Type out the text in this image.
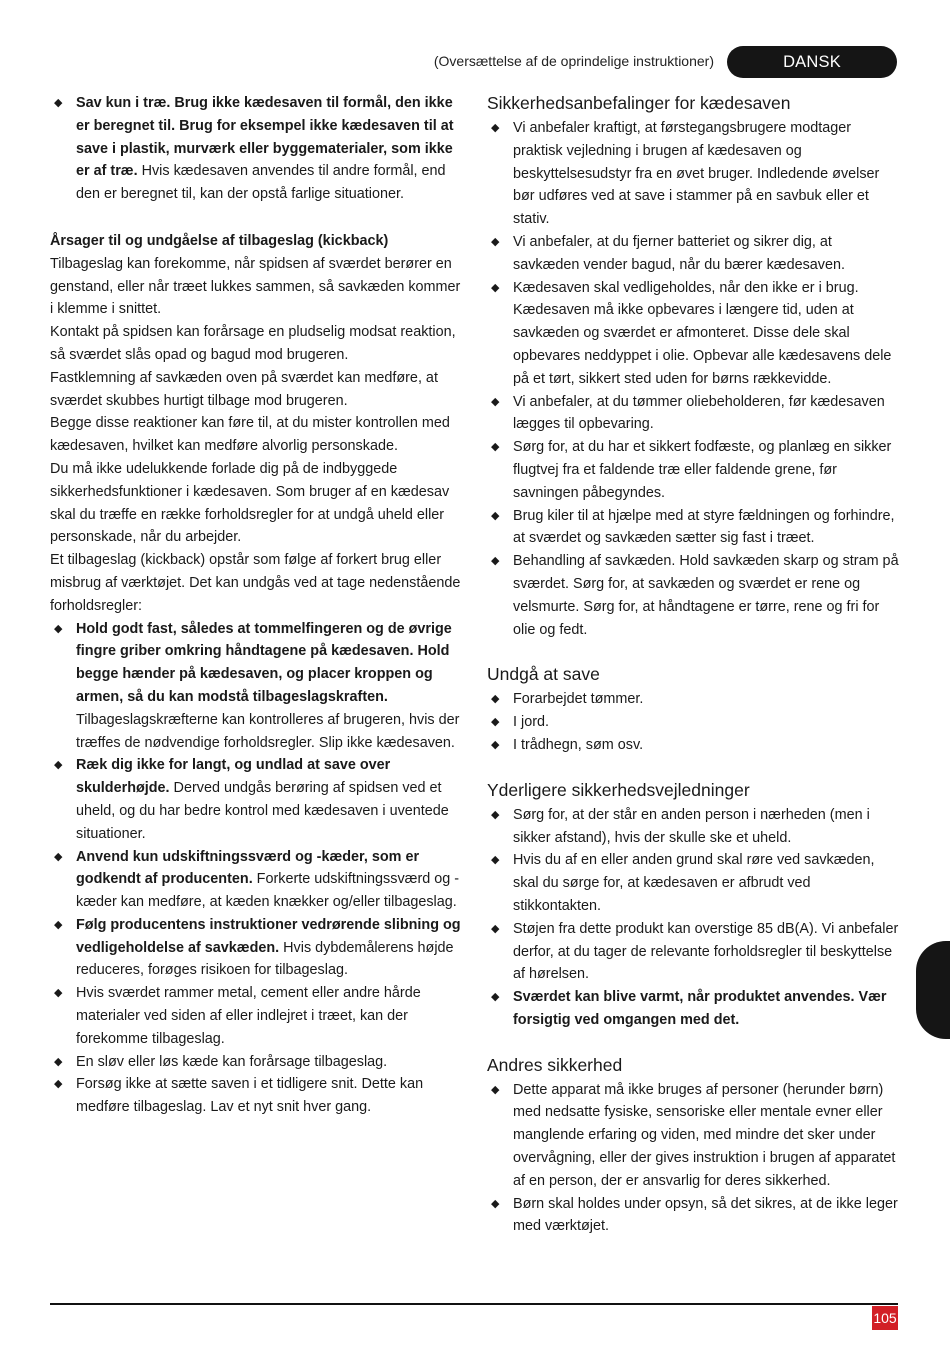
(Oversættelse af de oprindelige instruktioner)	DANSK
◆ Sav kun i træ. Brug ikke kædesaven til formål, den ikke er beregnet til. Brug for eksempel ikke kædesaven til at save i plastik, murværk eller byggematerialer, som ikke er af træ. Hvis kædesaven anvendes til andre formål, end den er beregnet til, kan der opstå farlige situationer.

Årsager til og undgåelse af tilbageslag (kickback)

Tilbageslag kan forekomme, når spidsen af sværdet berører en genstand, eller når træet lukkes sammen, så savkæden kommer i klemme i snittet.

Kontakt på spidsen kan forårsage en pludselig modsat reaktion, så sværdet slås opad og bagud mod brugeren.

Fastklemning af savkæden oven på sværdet kan medføre, at sværdet skubbes hurtigt tilbage mod brugeren.

Begge disse reaktioner kan føre til, at du mister kontrollen med kædesaven, hvilket kan medføre alvorlig personskade.

Du må ikke udelukkende forlade dig på de indbyggede sikkerhedsfunktioner i kædesaven. Som bruger af en kædesav skal du træffe en række forholdsregler for at undgå uheld eller personskade, når du arbejder.

Et tilbageslag (kickback) opstår som følge af forkert brug eller misbrug af værktøjet. Det kan undgås ved at tage nedenstående forholdsregler:

◆ Hold godt fast, således at tommelfingeren og de øvrige fingre griber omkring håndtagene på kædesaven. Hold begge hænder på kædesaven, og placer kroppen og armen, så du kan modstå tilbageslagskraften. Tilbageslagskræfterne kan kontrolleres af brugeren, hvis der træffes de nødvendige forholdsregler. Slip ikke kædesaven.
◆ Ræk dig ikke for langt, og undlad at save over skulderhøjde. Derved undgås berøring af spidsen ved et uheld, og du har bedre kontrol med kædesaven i uventede situationer.
◆ Anvend kun udskiftningssværd og -kæder, som er godkendt af producenten. Forkerte udskiftningssværd og -kæder kan medføre, at kæden knækker og/eller tilbageslag.
◆ Følg producentens instruktioner vedrørende slibning og vedligeholdelse af savkæden. Hvis dybdemålerens højde reduceres, forøges risikoen for tilbageslag.
◆ Hvis sværdet rammer metal, cement eller andre hårde materialer ved siden af eller indlejret i træet, kan der forekomme tilbageslag.
◆ En sløv eller løs kæde kan forårsage tilbageslag.
◆ Forsøg ikke at sætte saven i et tidligere snit. Dette kan medføre tilbageslag. Lav et nyt snit hver gang.
Sikkerhedsanbefalinger for kædesaven
◆ Vi anbefaler kraftigt, at førstegangsbrugere modtager praktisk vejledning i brugen af kædesaven og beskyttelsesudstyr fra en øvet bruger. Indledende øvelser bør udføres ved at save i stammer på en savbuk eller et stativ.
◆ Vi anbefaler, at du fjerner batteriet og sikrer dig, at savkæden vender bagud, når du bærer kædesaven.
◆ Kædesaven skal vedligeholdes, når den ikke er i brug. Kædesaven må ikke opbevares i længere tid, uden at savkæden og sværdet er afmonteret. Disse dele skal opbevares neddyppet i olie. Opbevar alle kædesavens dele på et tørt, sikkert sted uden for børns rækkevidde.
◆ Vi anbefaler, at du tømmer oliebeholderen, før kædesaven lægges til opbevaring.
◆ Sørg for, at du har et sikkert fodfæste, og planlæg en sikker flugtvej fra et faldende træ eller faldende grene, før savningen påbegyndes.
◆ Brug kiler til at hjælpe med at styre fældningen og forhindre, at sværdet og savkæden sætter sig fast i træet.
◆ Behandling af savkæden. Hold savkæden skarp og stram på sværdet. Sørg for, at savkæden og sværdet er rene og velsmurte. Sørg for, at håndtagene er tørre, rene og fri for olie og fedt.
Undgå at save
◆ Forarbejdet tømmer.
◆ I jord.
◆ I trådhegn, søm osv.
Yderligere sikkerhedsvejledninger
◆ Sørg for, at der står en anden person i nærheden (men i sikker afstand), hvis der skulle ske et uheld.
◆ Hvis du af en eller anden grund skal røre ved savkæden, skal du sørge for, at kædesaven er afbrudt ved stikkontakten.
◆ Støjen fra dette produkt kan overstige 85 dB(A). Vi anbefaler derfor, at du tager de relevante forholdsregler til beskyttelse af hørelsen.
◆ Sværdet kan blive varmt, når produktet anvendes. Vær forsigtig ved omgangen med det.
Andres sikkerhed
◆ Dette apparat må ikke bruges af personer (herunder børn) med nedsatte fysiske, sensoriske eller mentale evner eller manglende erfaring og viden, med mindre det sker under overvågning, eller der gives instruktion i brugen af apparatet af en person, der er ansvarlig for deres sikkerhed.
◆ Børn skal holdes under opsyn, så det sikres, at de ikke leger med værktøjet.
105
